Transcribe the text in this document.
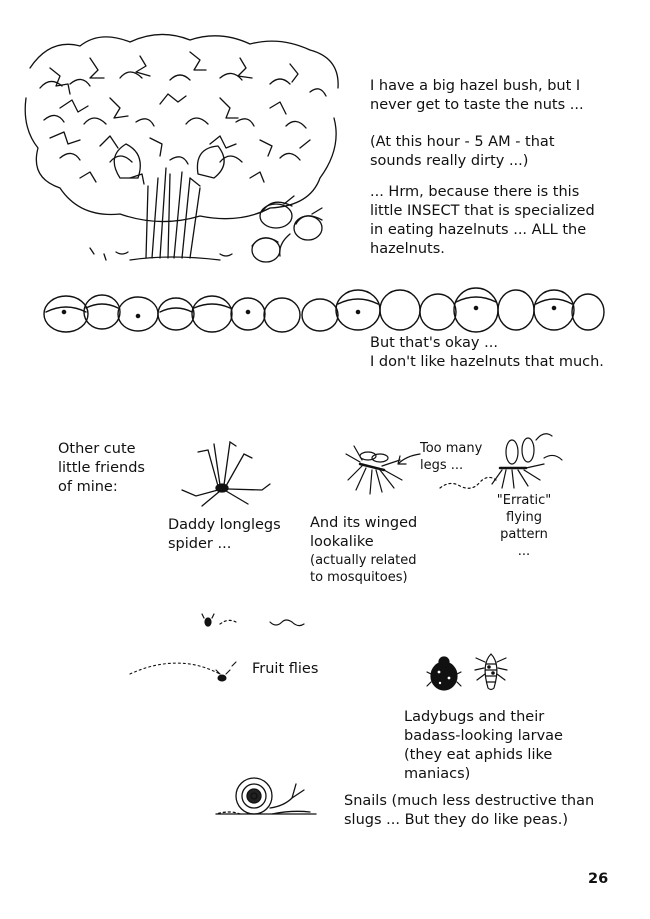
I have a big hazel bush, but I
never get to taste the nuts ...
(At this hour - 5 AM - that
sounds really dirty ...)
... Hrm, because there is this
little INSECT that is specialized
in eating hazelnuts ... ALL the
hazelnuts.
But that's okay ...
I don't like hazelnuts that much.
Other cute
little friends
of mine:
Daddy longlegs
spider ...
Too many
legs ...
And its winged
lookalike
(actually related
to mosquitoes)
"Erratic"
flying
pattern
...
Fruit flies
Ladybugs and their
badass-looking larvae
(they eat aphids like
maniacs)
Snails (much less destructive than
slugs ... But they do like peas.)
26
